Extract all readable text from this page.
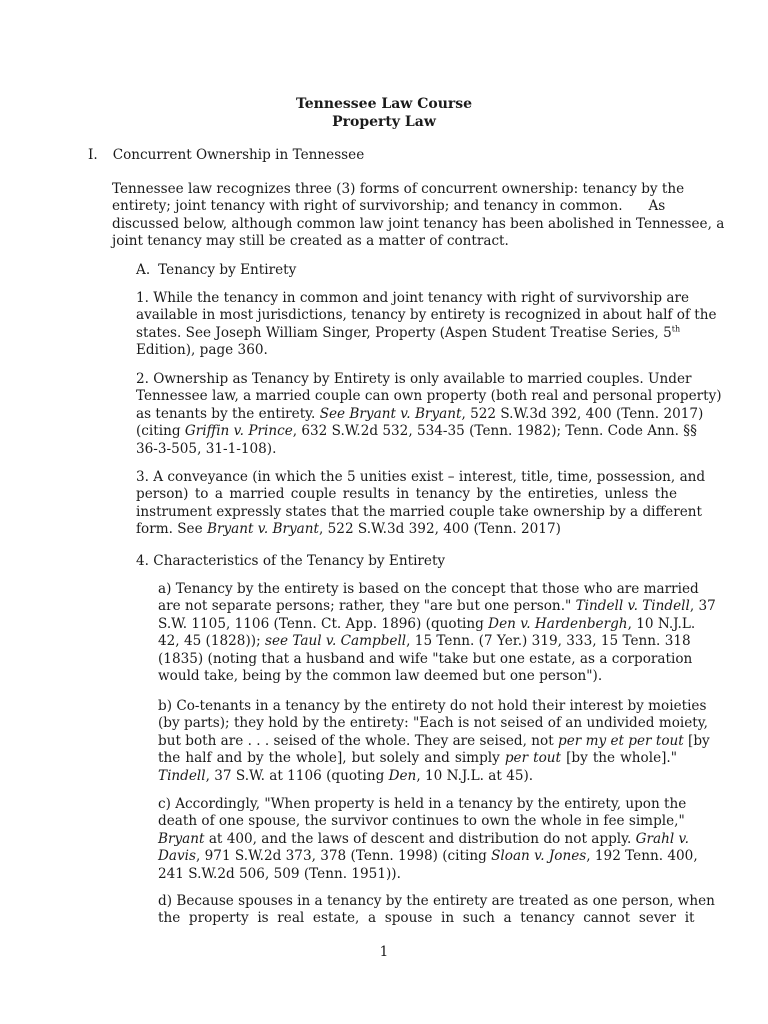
Tennessee Law Course
Property Law
I. Concurrent Ownership in Tennessee
Tennessee law recognizes three (3) forms of concurrent ownership: tenancy by the
entirety; joint tenancy with right of survivorship; and tenancy in common.      As
discussed below, although common law joint tenancy has been abolished in Tennessee, a
joint tenancy may still be created as a matter of contract.
A. Tenancy by Entirety
1. While the tenancy in common and joint tenancy with right of survivorship are
available in most jurisdictions, tenancy by entirety is recognized in about half of the
states. See Joseph William Singer, Property (Aspen Student Treatise Series, 5th
Edition), page 360.
2. Ownership as Tenancy by Entirety is only available to married couples. Under
Tennessee law, a married couple can own property (both real and personal property)
as tenants by the entirety. See Bryant v. Bryant, 522 S.W.3d 392, 400 (Tenn. 2017)
(citing Griffin v. Prince, 632 S.W.2d 532, 534-35 (Tenn. 1982); Tenn. Code Ann. §§
36-3-505, 31-1-108).
3. A conveyance (in which the 5 unities exist – interest, title, time, possession, and
person) to a married couple results in tenancy by the entireties, unless the
instrument expressly states that the married couple take ownership by a different
form. See Bryant v. Bryant, 522 S.W.3d 392, 400 (Tenn. 2017)
4. Characteristics of the Tenancy by Entirety
a) Tenancy by the entirety is based on the concept that those who are married
are not separate persons; rather, they "are but one person." Tindell v. Tindell, 37
S.W. 1105, 1106 (Tenn. Ct. App. 1896) (quoting Den v. Hardenbergh, 10 N.J.L.
42, 45 (1828)); see Taul v. Campbell, 15 Tenn. (7 Yer.) 319, 333, 15 Tenn. 318
(1835) (noting that a husband and wife "take but one estate, as a corporation
would take, being by the common law deemed but one person").
b) Co-tenants in a tenancy by the entirety do not hold their interest by moieties
(by parts); they hold by the entirety: "Each is not seised of an undivided moiety,
but both are . . . seised of the whole. They are seised, not per my et per tout [by
the half and by the whole], but solely and simply per tout [by the whole]."
Tindell, 37 S.W. at 1106 (quoting Den, 10 N.J.L. at 45).
c) Accordingly, "When property is held in a tenancy by the entirety, upon the
death of one spouse, the survivor continues to own the whole in fee simple,"
Bryant at 400, and the laws of descent and distribution do not apply. Grahl v.
Davis, 971 S.W.2d 373, 378 (Tenn. 1998) (citing Sloan v. Jones, 192 Tenn. 400,
241 S.W.2d 506, 509 (Tenn. 1951)).
d) Because spouses in a tenancy by the entirety are treated as one person, when
the  property  is  real  estate,  a  spouse  in  such  a  tenancy  cannot  sever  it
1
